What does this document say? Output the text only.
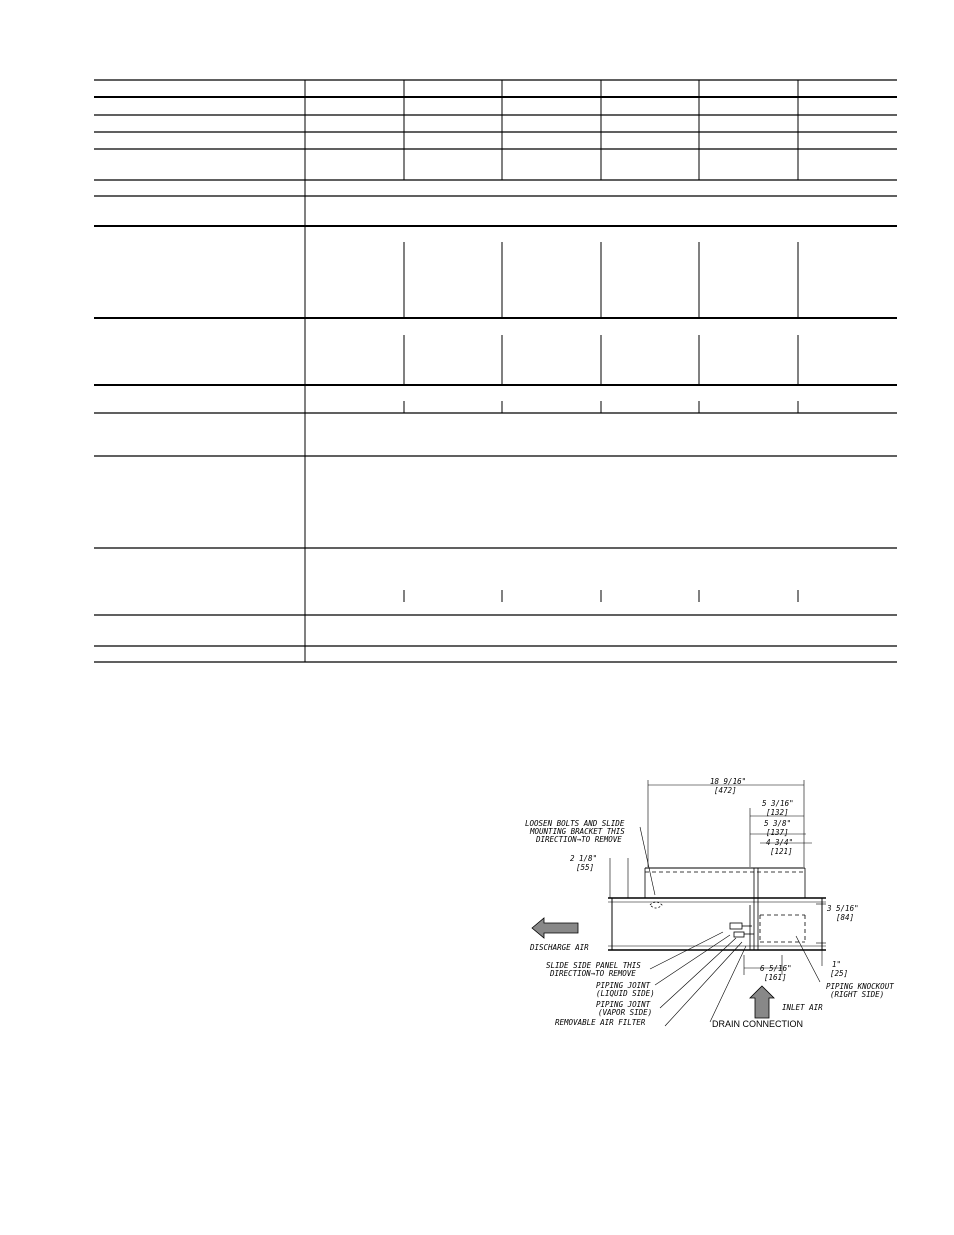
18 9/16"
[472]
5 3/16"
[132]
5 3/8"
[137]
4 3/4"
[121]
2 1/8"
[55]
3 5/16"
[84]
6 5/16"
[161]
1"
[25]
LOOSEN BOLTS AND SLIDE
MOUNTING BRACKET THIS
DIRECTION→TO REMOVE
DISCHARGE AIR
SLIDE SIDE PANEL THIS
DIRECTION→TO REMOVE
PIPING JOINT
(LIQUID SIDE)
PIPING JOINT
(VAPOR SIDE)
REMOVABLE AIR FILTER	DRAIN CONNECTION
INLET AIR
PIPING KNOCKOUT
(RIGHT SIDE)
